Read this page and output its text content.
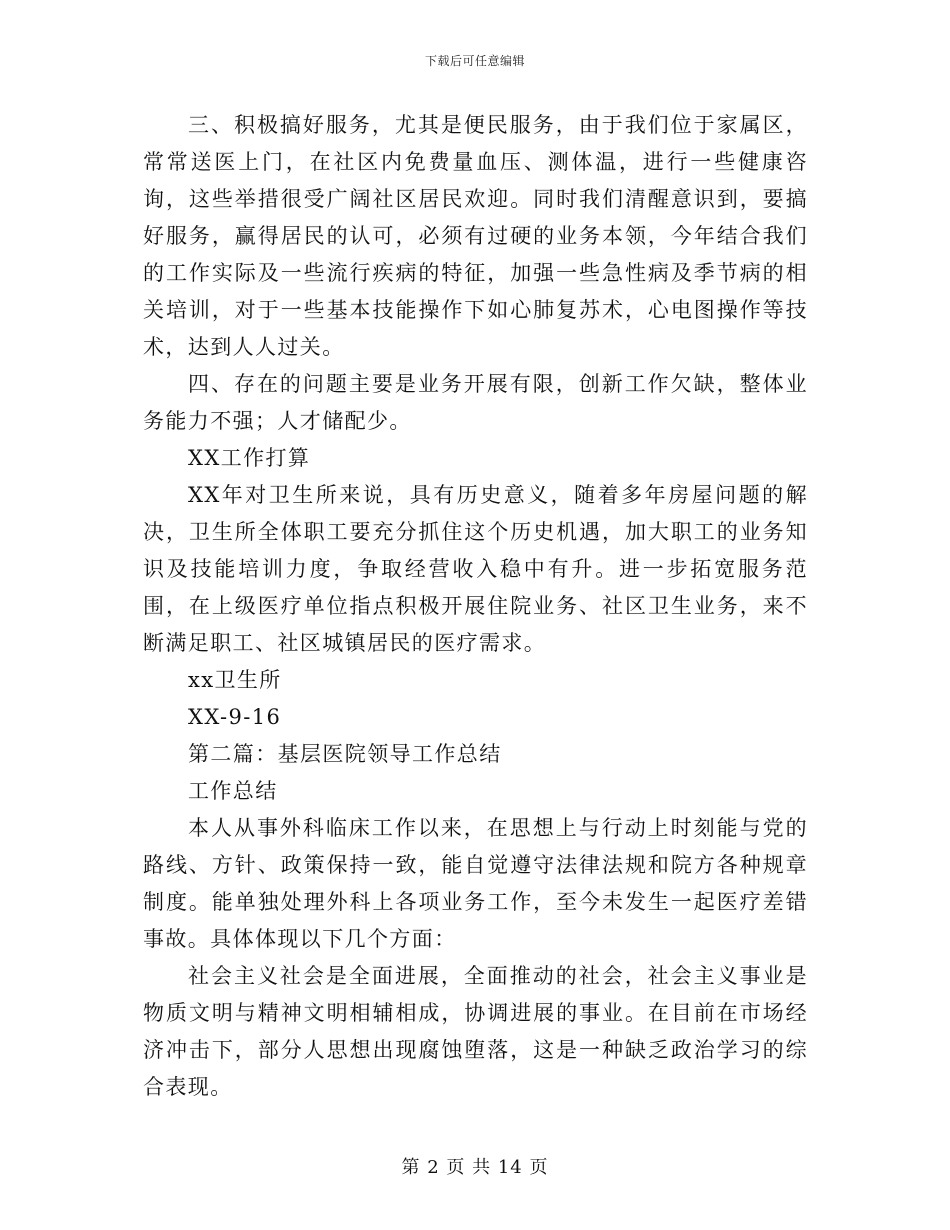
下载后可任意编辑

三、积极搞好服务，尤其是便民服务，由于我们位于家属区，常常送医上门，在社区内免费量血压、测体温，进行一些健康咨询，这些举措很受广阔社区居民欢迎。同时我们清醒意识到，要搞好服务，赢得居民的认可，必须有过硬的业务本领，今年结合我们的工作实际及一些流行疾病的特征，加强一些急性病及季节病的相关培训，对于一些基本技能操作下如心肺复苏术，心电图操作等技术，达到人人过关。

四、存在的问题主要是业务开展有限，创新工作欠缺，整体业务能力不强；人才储配少。

XX工作打算

XX年对卫生所来说，具有历史意义，随着多年房屋问题的解决，卫生所全体职工要充分抓住这个历史机遇，加大职工的业务知识及技能培训力度，争取经营收入稳中有升。进一步拓宽服务范围，在上级医疗单位指点积极开展住院业务、社区卫生业务，来不断满足职工、社区城镇居民的医疗需求。

xx卫生所

XX-9-16

第二篇：基层医院领导工作总结

工作总结

本人从事外科临床工作以来，在思想上与行动上时刻能与党的路线、方针、政策保持一致，能自觉遵守法律法规和院方各种规章制度。能单独处理外科上各项业务工作，至今未发生一起医疗差错事故。具体体现以下几个方面：

社会主义社会是全面进展，全面推动的社会，社会主义事业是物质文明与精神文明相辅相成，协调进展的事业。在目前在市场经济冲击下，部分人思想出现腐蚀堕落，这是一种缺乏政治学习的综合表现。

第 2 页 共 14 页
